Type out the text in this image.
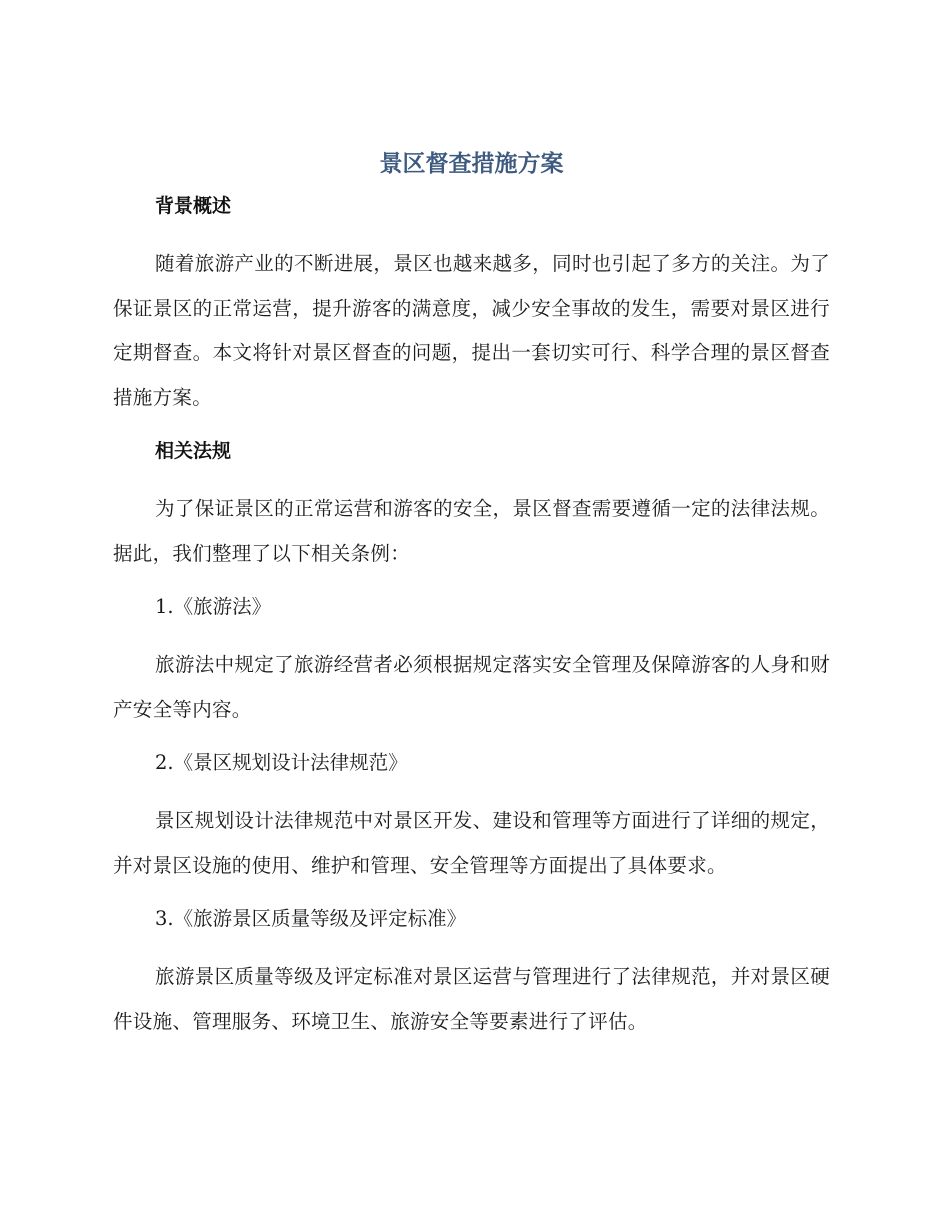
景区督查措施方案
背景概述

随着旅游产业的不断进展，景区也越来越多，同时也引起了多方的关注。为了保证景区的正常运营，提升游客的满意度，减少安全事故的发生，需要对景区进行定期督查。本文将针对景区督查的问题，提出一套切实可行、科学合理的景区督查措施方案。

相关法规

为了保证景区的正常运营和游客的安全，景区督查需要遵循一定的法律法规。据此，我们整理了以下相关条例：

1.《旅游法》

旅游法中规定了旅游经营者必须根据规定落实安全管理及保障游客的人身和财产安全等内容。

2.《景区规划设计法律规范》

景区规划设计法律规范中对景区开发、建设和管理等方面进行了详细的规定，并对景区设施的使用、维护和管理、安全管理等方面提出了具体要求。

3.《旅游景区质量等级及评定标准》

旅游景区质量等级及评定标准对景区运营与管理进行了法律规范，并对景区硬件设施、管理服务、环境卫生、旅游安全等要素进行了评估。
